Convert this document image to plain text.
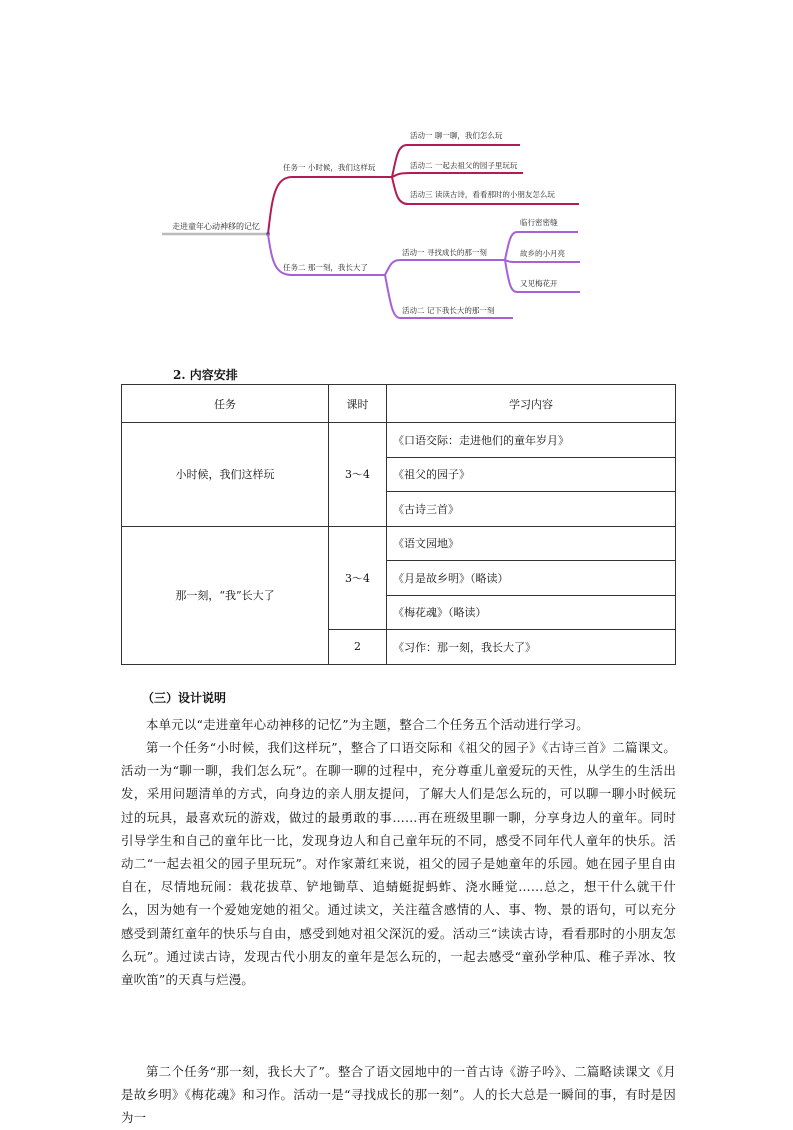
走进童年心动神移的记忆
任务一 小时候，我们这样玩
活动一 聊一聊，我们怎么玩
活动二 一起去祖父的园子里玩玩
活动三 读读古诗，看看那时的小朋友怎么玩
任务二 那一刻，我长大了
活动一 寻找成长的那一刻
活动二 记下我长大的那一刻
临行密密缝
故乡的小月亮
又见梅花开
2. 内容安排
任务	课时	学习内容
小时候，我们这样玩	3～4	《口语交际：走进他们的童年岁月》
		《祖父的园子》
		《古诗三首》
那一刻，“我”长大了	3～4	《语文园地》
		《月是故乡明》（略读）
		《梅花魂》（略读）
	2	《习作：那一刻，我长大了》
（三）设计说明
本单元以“走进童年心动神移的记忆”为主题，整合二个任务五个活动进行学习。
第一个任务“小时候，我们这样玩”，整合了口语交际和《祖父的园子》《古诗三首》二篇课文。活动一为“聊一聊，我们怎么玩”。在聊一聊的过程中，充分尊重儿童爱玩的天性，从学生的生活出发，采用问题清单的方式，向身边的亲人朋友提问，了解大人们是怎么玩的，可以聊一聊小时候玩过的玩具，最喜欢玩的游戏，做过的最勇敢的事……再在班级里聊一聊，分享身边人的童年。同时引导学生和自己的童年比一比，发现身边人和自己童年玩的不同，感受不同年代人童年的快乐。活动二“一起去祖父的园子里玩玩”。对作家萧红来说，祖父的园子是她童年的乐园。她在园子里自由自在，尽情地玩闹：栽花拔草、铲地锄草、追蜻蜓捉蚂蚱、浇水睡觉……总之，想干什么就干什么，因为她有一个爱她宠她的祖父。通过读文，关注蕴含感情的人、事、物、景的语句，可以充分感受到萧红童年的快乐与自由，感受到她对祖父深沉的爱。活动三“读读古诗，看看那时的小朋友怎么玩”。通过读古诗，发现古代小朋友的童年是怎么玩的，一起去感受“童孙学种瓜、稚子弄冰、牧童吹笛”的天真与烂漫。
第二个任务“那一刻，我长大了”。整合了语文园地中的一首古诗《游子吟》、二篇略读课文《月是故乡明》《梅花魂》和习作。活动一是“寻找成长的那一刻”。人的长大总是一瞬间的事，有时是因为一
